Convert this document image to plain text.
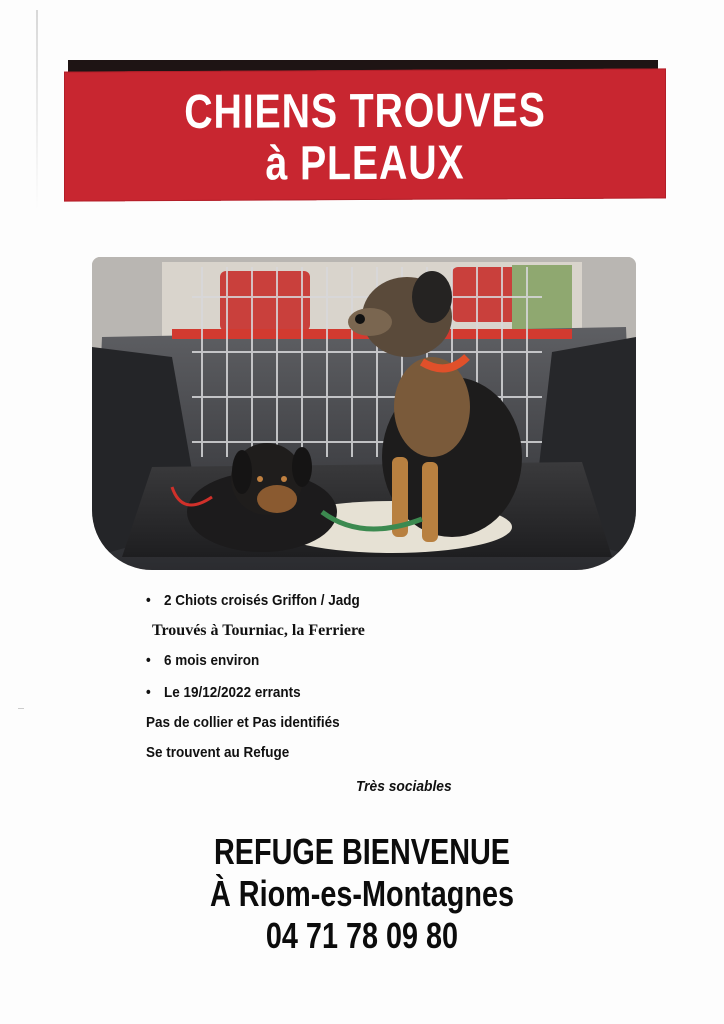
CHIENS TROUVES
à PLEAUX
• 2 Chiots croisés Griffon / Jadg
Trouvés à Tourniac, la Ferriere
• 6 mois environ
• Le 19/12/2022 errants
Pas de collier et Pas identifiés
Se trouvent au Refuge
Très sociables
REFUGE BIENVENUE
À Riom-es-Montagnes
04 71 78 09 80
